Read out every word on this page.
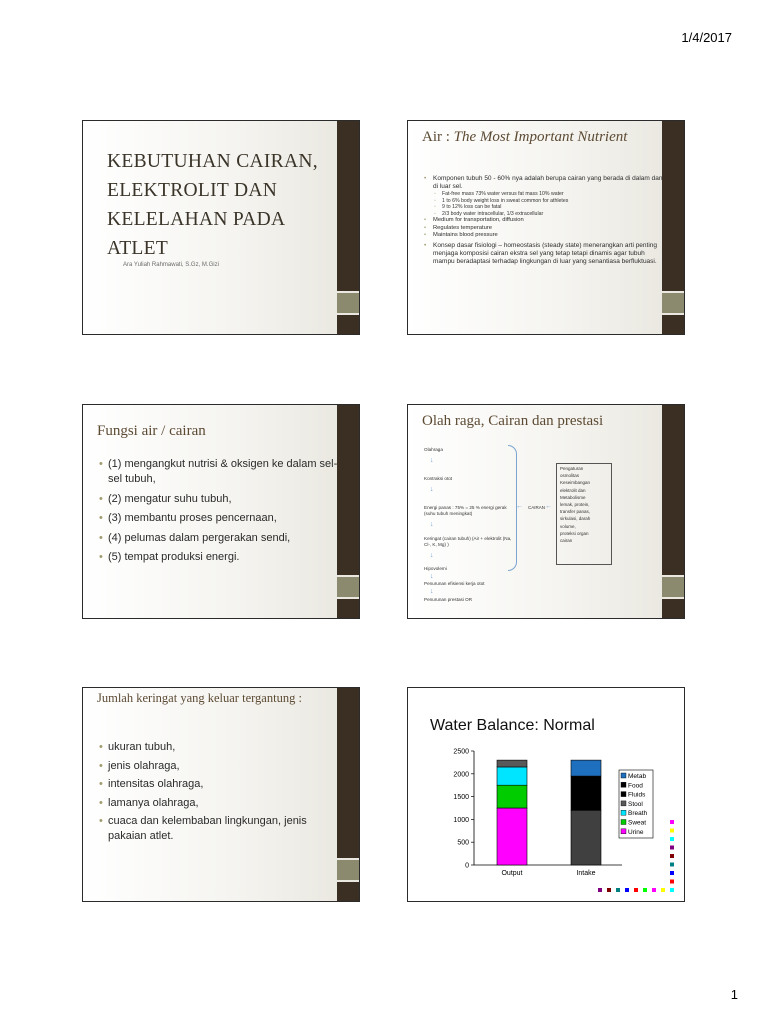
1/4/2017
KEBUTUHAN CAIRAN,
ELEKTROLIT DAN
KELELAHAN PADA
ATLET
Ara Yuliah Rahmawati, S.Gz, M.Gizi
Air : The Most Important Nutrient
• Komponen tubuh 50 - 60% nya adalah berupa cairan yang berada di dalam dan di luar sel.
◦ Fat-free mass 73% water versus fat mass 10% water
◦ 1 to 6% body weight loss in sweat common for athletes
◦ 9 to 12% loss can be fatal
◦ 2/3 body water intracellular, 1/3 extracellular
• Medium for transportation, diffusion
• Regulates temperature
• Maintains blood pressure
• Konsep dasar fisiologi – homeostasis (steady state) menerangkan arti penting menjaga komposisi cairan ekstra sel yang tetap tetapi dinamis agar tubuh mampu beradaptasi terhadap lingkungan di luar yang senantiasa berfluktuasi.
Fungsi air / cairan
• (1) mengangkut nutrisi & oksigen ke dalam sel-sel tubuh,
• (2) mengatur suhu tubuh,
• (3) membantu proses pencernaan,
• (4) pelumas dalam pergerakan sendi,
• (5) tempat produksi energi.
Olah raga, Cairan dan prestasi
Olahraga
↓
Kontraksi otot
↓
Energi panas : 75% = 25 % energi gerak (suhu tubuh meningkat)
↓
Keringat (cairan tubuh) (Air + elektrolit (Na, Cl-, K, Mg) )
↓
Hipovolemi
↓
Penurunan efisiensi kerja otot
↓
Penurunan prestasi OR
← CAIRAN ←
Pengaturan
osmolitas
Keseimbangan
elektrolit dan
Metabolisme
lemak, protein,
transfer panas,
sirkulasi, darah
volume,
proteksi organ
cairan
Jumlah keringat yang keluar tergantung :
• ukuran tubuh,
• jenis olahraga,
• intensitas olahraga,
• lamanya olahraga,
• cuaca dan kelembaban lingkungan, jenis pakaian atlet.
Water Balance: Normal
0
500
1000
1500
2000
2500
Output	Intake
Metab
Food
Fluids
Stool
Breath
Sweat
Urine
1
